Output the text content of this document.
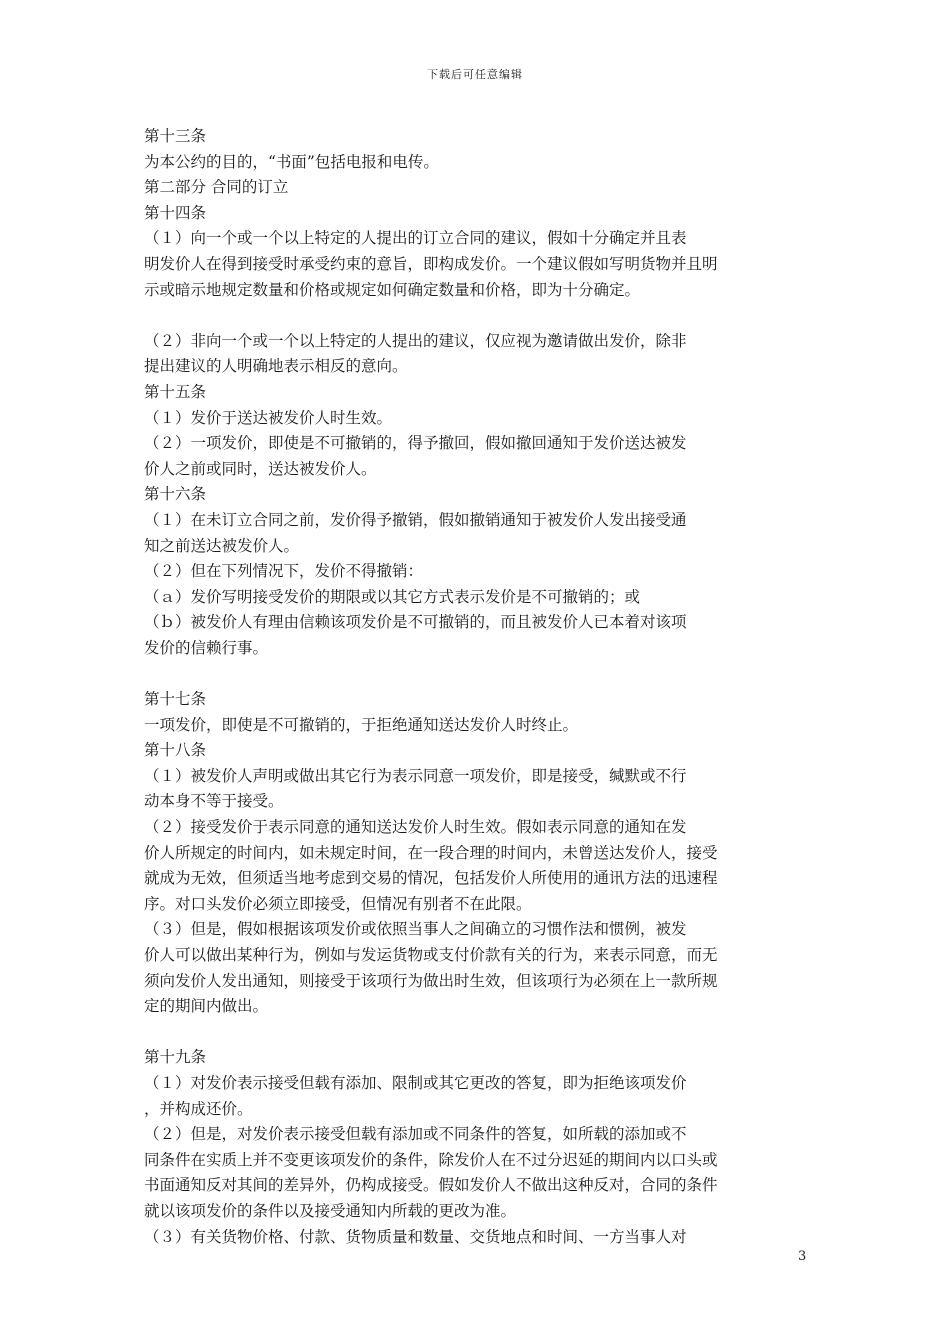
下载后可任意编辑
第十三条
为本公约的目的，“书面”包括电报和电传。
第二部分 合同的订立
第十四条
（１）向一个或一个以上特定的人提出的订立合同的建议，假如十分确定并且表
明发价人在得到接受时承受约束的意旨，即构成发价。一个建议假如写明货物并且明
示或暗示地规定数量和价格或规定如何确定数量和价格，即为十分确定。
（２）非向一个或一个以上特定的人提出的建议，仅应视为邀请做出发价，除非
提出建议的人明确地表示相反的意向。
第十五条
（１）发价于送达被发价人时生效。
（２）一项发价，即使是不可撤销的，得予撤回，假如撤回通知于发价送达被发
价人之前或同时，送达被发价人。
第十六条
（１）在未订立合同之前，发价得予撤销，假如撤销通知于被发价人发出接受通
知之前送达被发价人。
（２）但在下列情况下，发价不得撤销：
（ａ）发价写明接受发价的期限或以其它方式表示发价是不可撤销的；或
（ｂ）被发价人有理由信赖该项发价是不可撤销的，而且被发价人已本着对该项
发价的信赖行事。
第十七条
一项发价，即使是不可撤销的，于拒绝通知送达发价人时终止。
第十八条
（１）被发价人声明或做出其它行为表示同意一项发价，即是接受，缄默或不行
动本身不等于接受。
（２）接受发价于表示同意的通知送达发价人时生效。假如表示同意的通知在发
价人所规定的时间内，如未规定时间，在一段合理的时间内，未曾送达发价人，接受
就成为无效，但须适当地考虑到交易的情况，包括发价人所使用的通讯方法的迅速程
序。对口头发价必须立即接受，但情况有别者不在此限。
（３）但是，假如根据该项发价或依照当事人之间确立的习惯作法和惯例，被发
价人可以做出某种行为，例如与发运货物或支付价款有关的行为，来表示同意，而无
须向发价人发出通知，则接受于该项行为做出时生效，但该项行为必须在上一款所规
定的期间内做出。
第十九条
（１）对发价表示接受但载有添加、限制或其它更改的答复，即为拒绝该项发价
，并构成还价。
（２）但是，对发价表示接受但载有添加或不同条件的答复，如所载的添加或不
同条件在实质上并不变更该项发价的条件，除发价人在不过分迟延的期间内以口头或
书面通知反对其间的差异外，仍构成接受。假如发价人不做出这种反对，合同的条件
就以该项发价的条件以及接受通知内所载的更改为准。
（３）有关货物价格、付款、货物质量和数量、交货地点和时间、一方当事人对
3
